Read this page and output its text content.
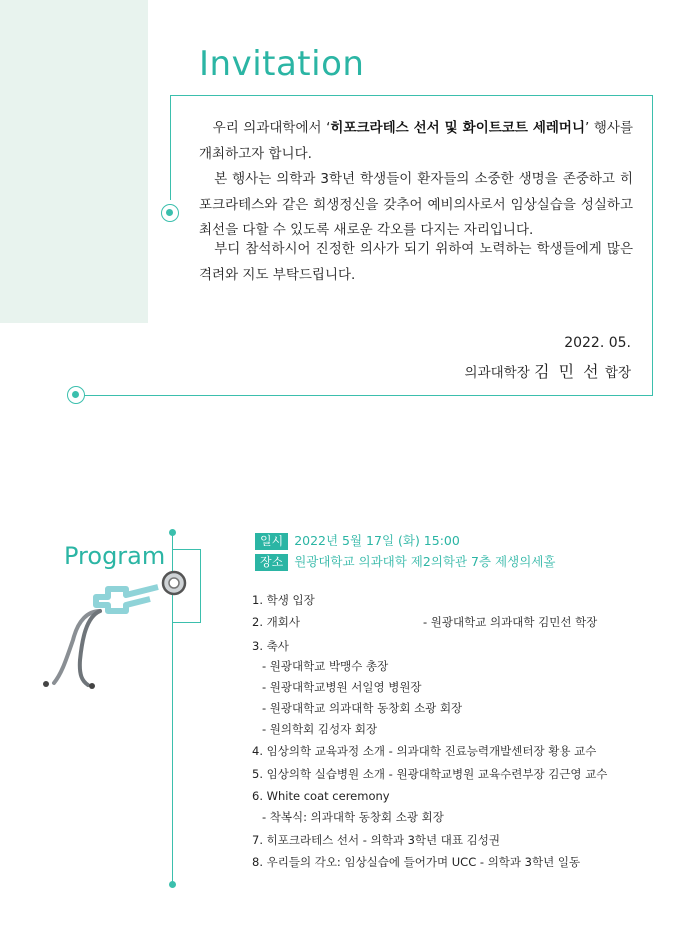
Invitation
우리 의과대학에서 ‘히포크라테스 선서 및 화이트코트 세레머니’ 행사를 개최하고자 합니다.
본 행사는 의학과 3학년 학생들이 환자들의 소중한 생명을 존중하고 히포크라테스와 같은 희생정신을 갖추어 예비의사로서 임상실습을 성실하고 최선을 다할 수 있도록 새로운 각오를 다지는 자리입니다.
부디 참석하시어 진정한 의사가 되기 위하여 노력하는 학생들에게 많은 격려와 지도 부탁드립니다.
2022. 05.
의과대학장 김 민 선 합장
Program
일시 2022년 5월 17일 (화) 15:00
장소 원광대학교 의과대학 제2의학관 7층 제생의세홀
1. 학생 입장
2. 개회사	- 원광대학교 의과대학 김민선 학장
3. 축사
- 원광대학교 박맹수 총장
- 원광대학교병원 서일영 병원장
- 원광대학교 의과대학 동창회 소광 회장
- 원의학회 김성자 회장
4. 임상의학 교육과정 소개 - 의과대학 진료능력개발센터장 황용 교수
5. 임상의학 실습병원 소개 - 원광대학교병원 교육수련부장 김근영 교수
6. White coat ceremony
- 착복식: 의과대학 동창회 소광 회장
7. 히포크라테스 선서 - 의학과 3학년 대표 김성권
8. 우리들의 각오: 임상실습에 들어가며 UCC - 의학과 3학년 일동
